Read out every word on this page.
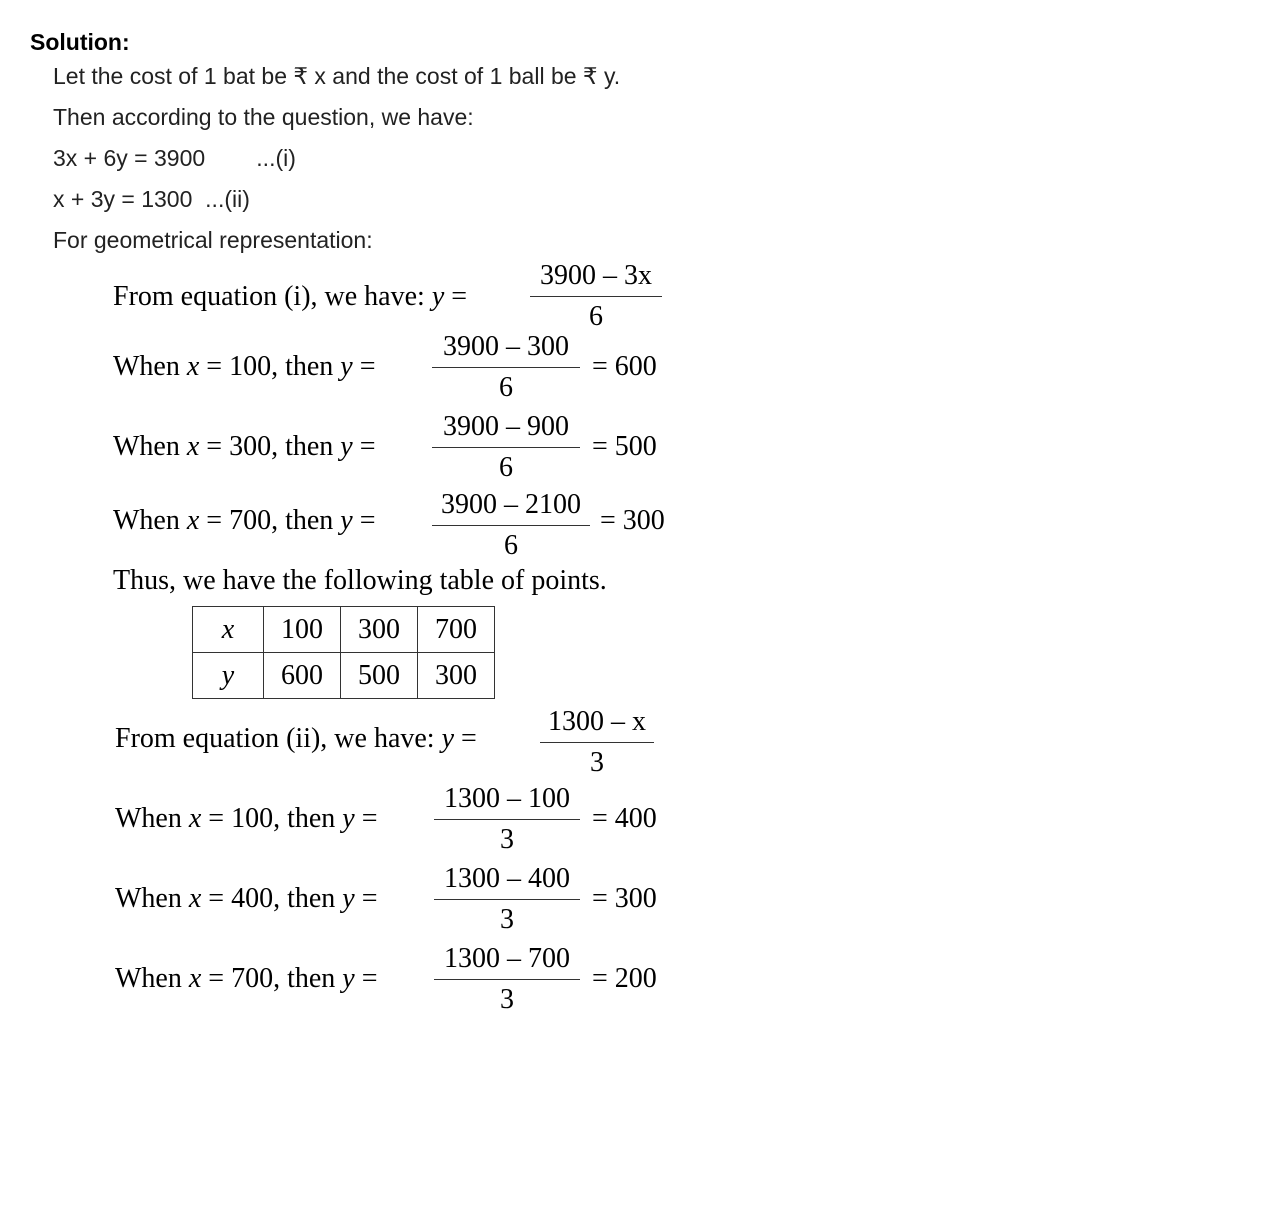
Solution:
Let the cost of 1 bat be ₹ x and the cost of 1 ball be ₹ y.
Then according to the question, we have:
3x + 6y = 3900        ...(i)
x + 3y = 1300  ...(ii)
For geometrical representation:
From equation (i), we have: $y = \frac{3900 - 3x}{6}$
When x = 100, then $y = \frac{3900 - 300}{6} = 600$
When x = 300, then $y = \frac{3900 - 900}{6} = 500$
When x = 700, then $y = \frac{3900 - 2100}{6} = 300$
Thus, we have the following table of points.
x	100	300	700
y	600	500	300
From equation (ii), we have: $y = \frac{1300 - x}{3}$
When x = 100, then $y = \frac{1300 - 100}{3} = 400$
When x = 400, then $y = \frac{1300 - 400}{3} = 300$
When x = 700, then $y = \frac{1300 - 700}{3} = 200$
